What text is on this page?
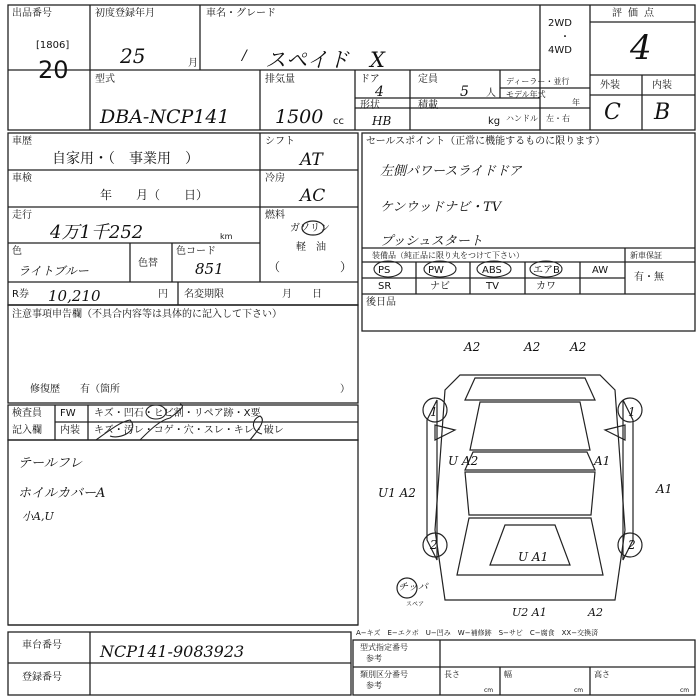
出品番号
[1806]
20
初度登録年月
25	月	/
車名・グレード
スペイド　X
2WD
・
4WD
評価点
4
型式
DBA-NCP141
排気量
1500 cc
ドア
4
定員
5 人
ディーラー・並行
形状
HB
積載
kg
モデル年式
年
ハンドル　左・右
外装	内装
C B
車歴
自家用・（　事業用　）
シフト
AT
車検
年　　月（　　日）
冷房
AC
走行
4万1千252	km
燃料
ガソリン
軽　油
（	）
色
ライトブルー
色替
色コード
851
R券 10,210	円 名変期限	月　　日
注意事項申告欄（不具合内容等は具体的に記入して下さい）
修復歴　　有（箇所	）
セールスポイント（正常に機能するものに限ります）
左側パワースライドドア
ケンウッドナビ・TV
プッシュスタート
装備品（純正品に限り丸をつけて下さい）	新車保証
有・無
PS	PW	ABS	エアB	AW
SR	ナビ	TV	カワ
後日品
検査員
記入欄
FW キズ・凹石・ヒビ割・リペア跡・X要
内装 キズ・汚レ・コゲ・穴・スレ・キレ・破レ
テールフレ
ホイルカバーA
小A,U
A2	A2 A2
1	1
U A2	A1
U1 A2	A1
2
U A1
2
U2 A1	A2
チッパ
スペア
A−キズ　E−エクボ　U−凹み　W−補修跡　S−サビ　C−腐食　XX−交換済
車台番号 NCP141-9083923
登録番号
型式指定番号
参考
類別区分番号
参考
長さ	幅	高さ
cm	cm	cm
